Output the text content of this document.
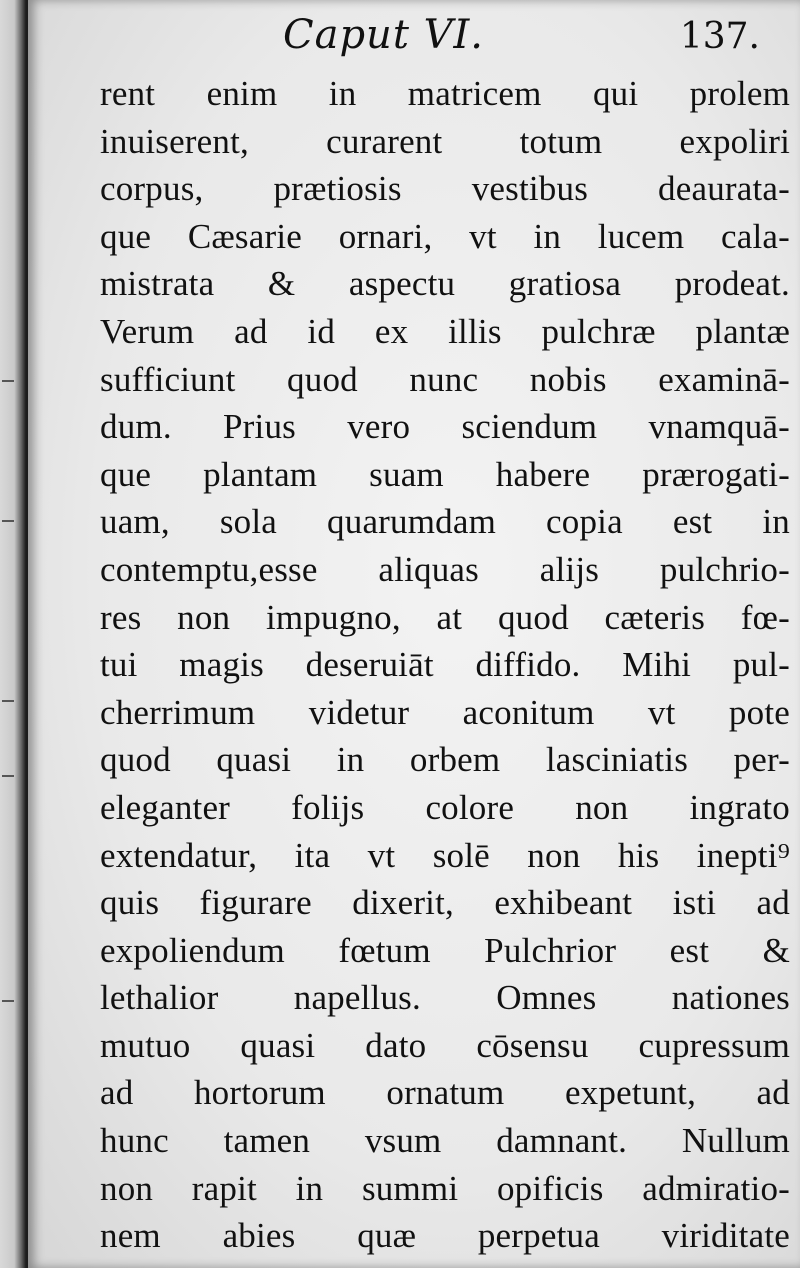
Caput VI.	137.
rent enim in matricem qui prolem
inuiserent, curarent totum expoliri
corpus, prætiosis vestibus deaurata-
que Cæsarie ornari, vt in lucem cala-
mistrata & aspectu gratiosa prodeat.
Verum ad id ex illis pulchræ plantæ
sufficiunt quod nunc nobis examinā-
dum. Prius vero sciendum vnamquā-
que plantam suam habere prærogati-
uam, sola quarumdam copia est in
contemptu,esse aliquas alijs pulchrio-
res non impugno, at quod cæteris fœ-
tui magis deseruiāt diffido. Mihi pul-
cherrimum videtur aconitum vt pote
quod quasi in orbem lasciniatis per-
eleganter folijs colore non ingrato
extendatur, ita vt solē non his inepti⁹
quis figurare dixerit, exhibeant isti ad
expoliendum fœtum Pulchrior est &
lethalior napellus. Omnes nationes
mutuo quasi dato cōsensu cupressum
ad hortorum ornatum expetunt, ad
hunc tamen vsum damnant. Nullum
non rapit in summi opificis admiratio-
nem abies quæ perpetua viriditate
